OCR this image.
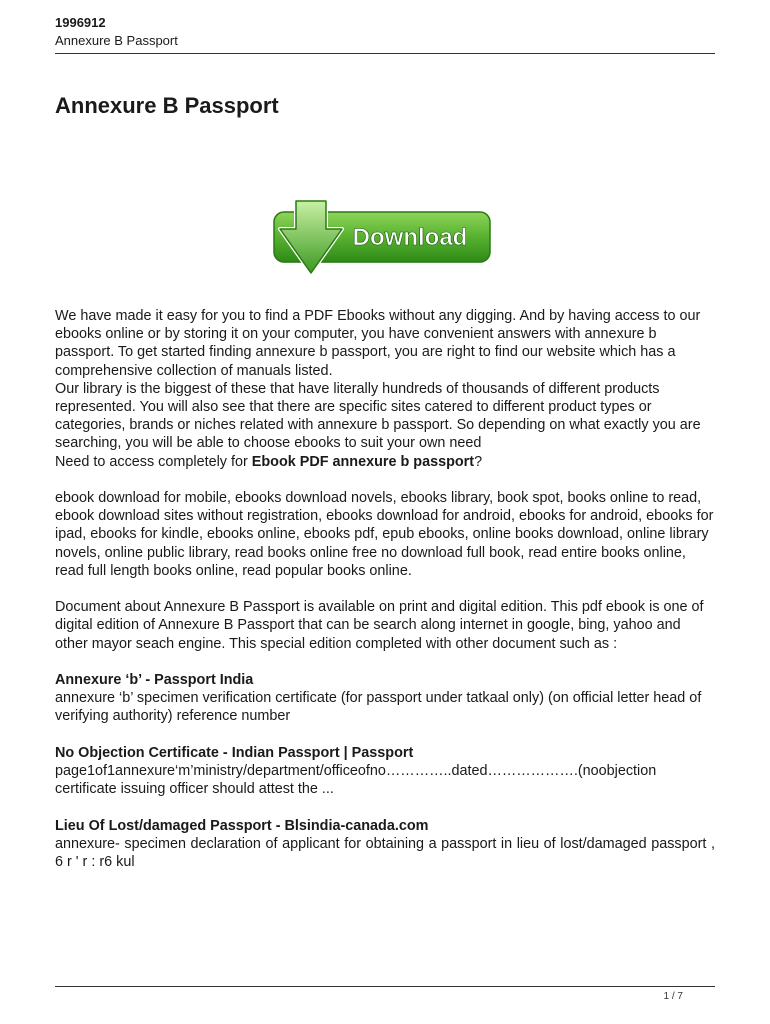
1996912
Annexure B Passport
Annexure B Passport
Download

We have made it easy for you to find a PDF Ebooks without any digging. And by having access to our ebooks online or by storing it on your computer, you have convenient answers with annexure b passport. To get started finding annexure b passport, you are right to find our website which has a comprehensive collection of manuals listed.

Our library is the biggest of these that have literally hundreds of thousands of different products represented. You will also see that there are specific sites catered to different product types or categories, brands or niches related with annexure b passport. So depending on what exactly you are searching, you will be able to choose ebooks to suit your own need

Need to access completely for Ebook PDF annexure b passport?

ebook download for mobile, ebooks download novels, ebooks library, book spot, books online to read, ebook download sites without registration, ebooks download for android, ebooks for android, ebooks for ipad, ebooks for kindle, ebooks online, ebooks pdf, epub ebooks, online books download, online library novels, online public library, read books online free no download full book, read entire books online, read full length books online, read popular books online.

Document about Annexure B Passport is available on print and digital edition. This pdf ebook is one of digital edition of Annexure B Passport that can be search along internet in google, bing, yahoo and other mayor seach engine. This special edition completed with other document such as :

Annexure ‘b’ - Passport India

annexure ‘b’ specimen verification certificate (for passport under tatkaal only) (on official letter head of verifying authority) reference number

No Objection Certificate - Indian Passport | Passport

page1of1annexure‘m’ministry/department/officeofno…………..dated……………….(noobjection certificate issuing officer should attest the ...

Lieu Of Lost/damaged Passport - Blsindia-canada.com

annexure- specimen declaration of applicant for obtaining a passport in lieu of lost/damaged passport , 6 r ' r : r6 kul

1 / 7
